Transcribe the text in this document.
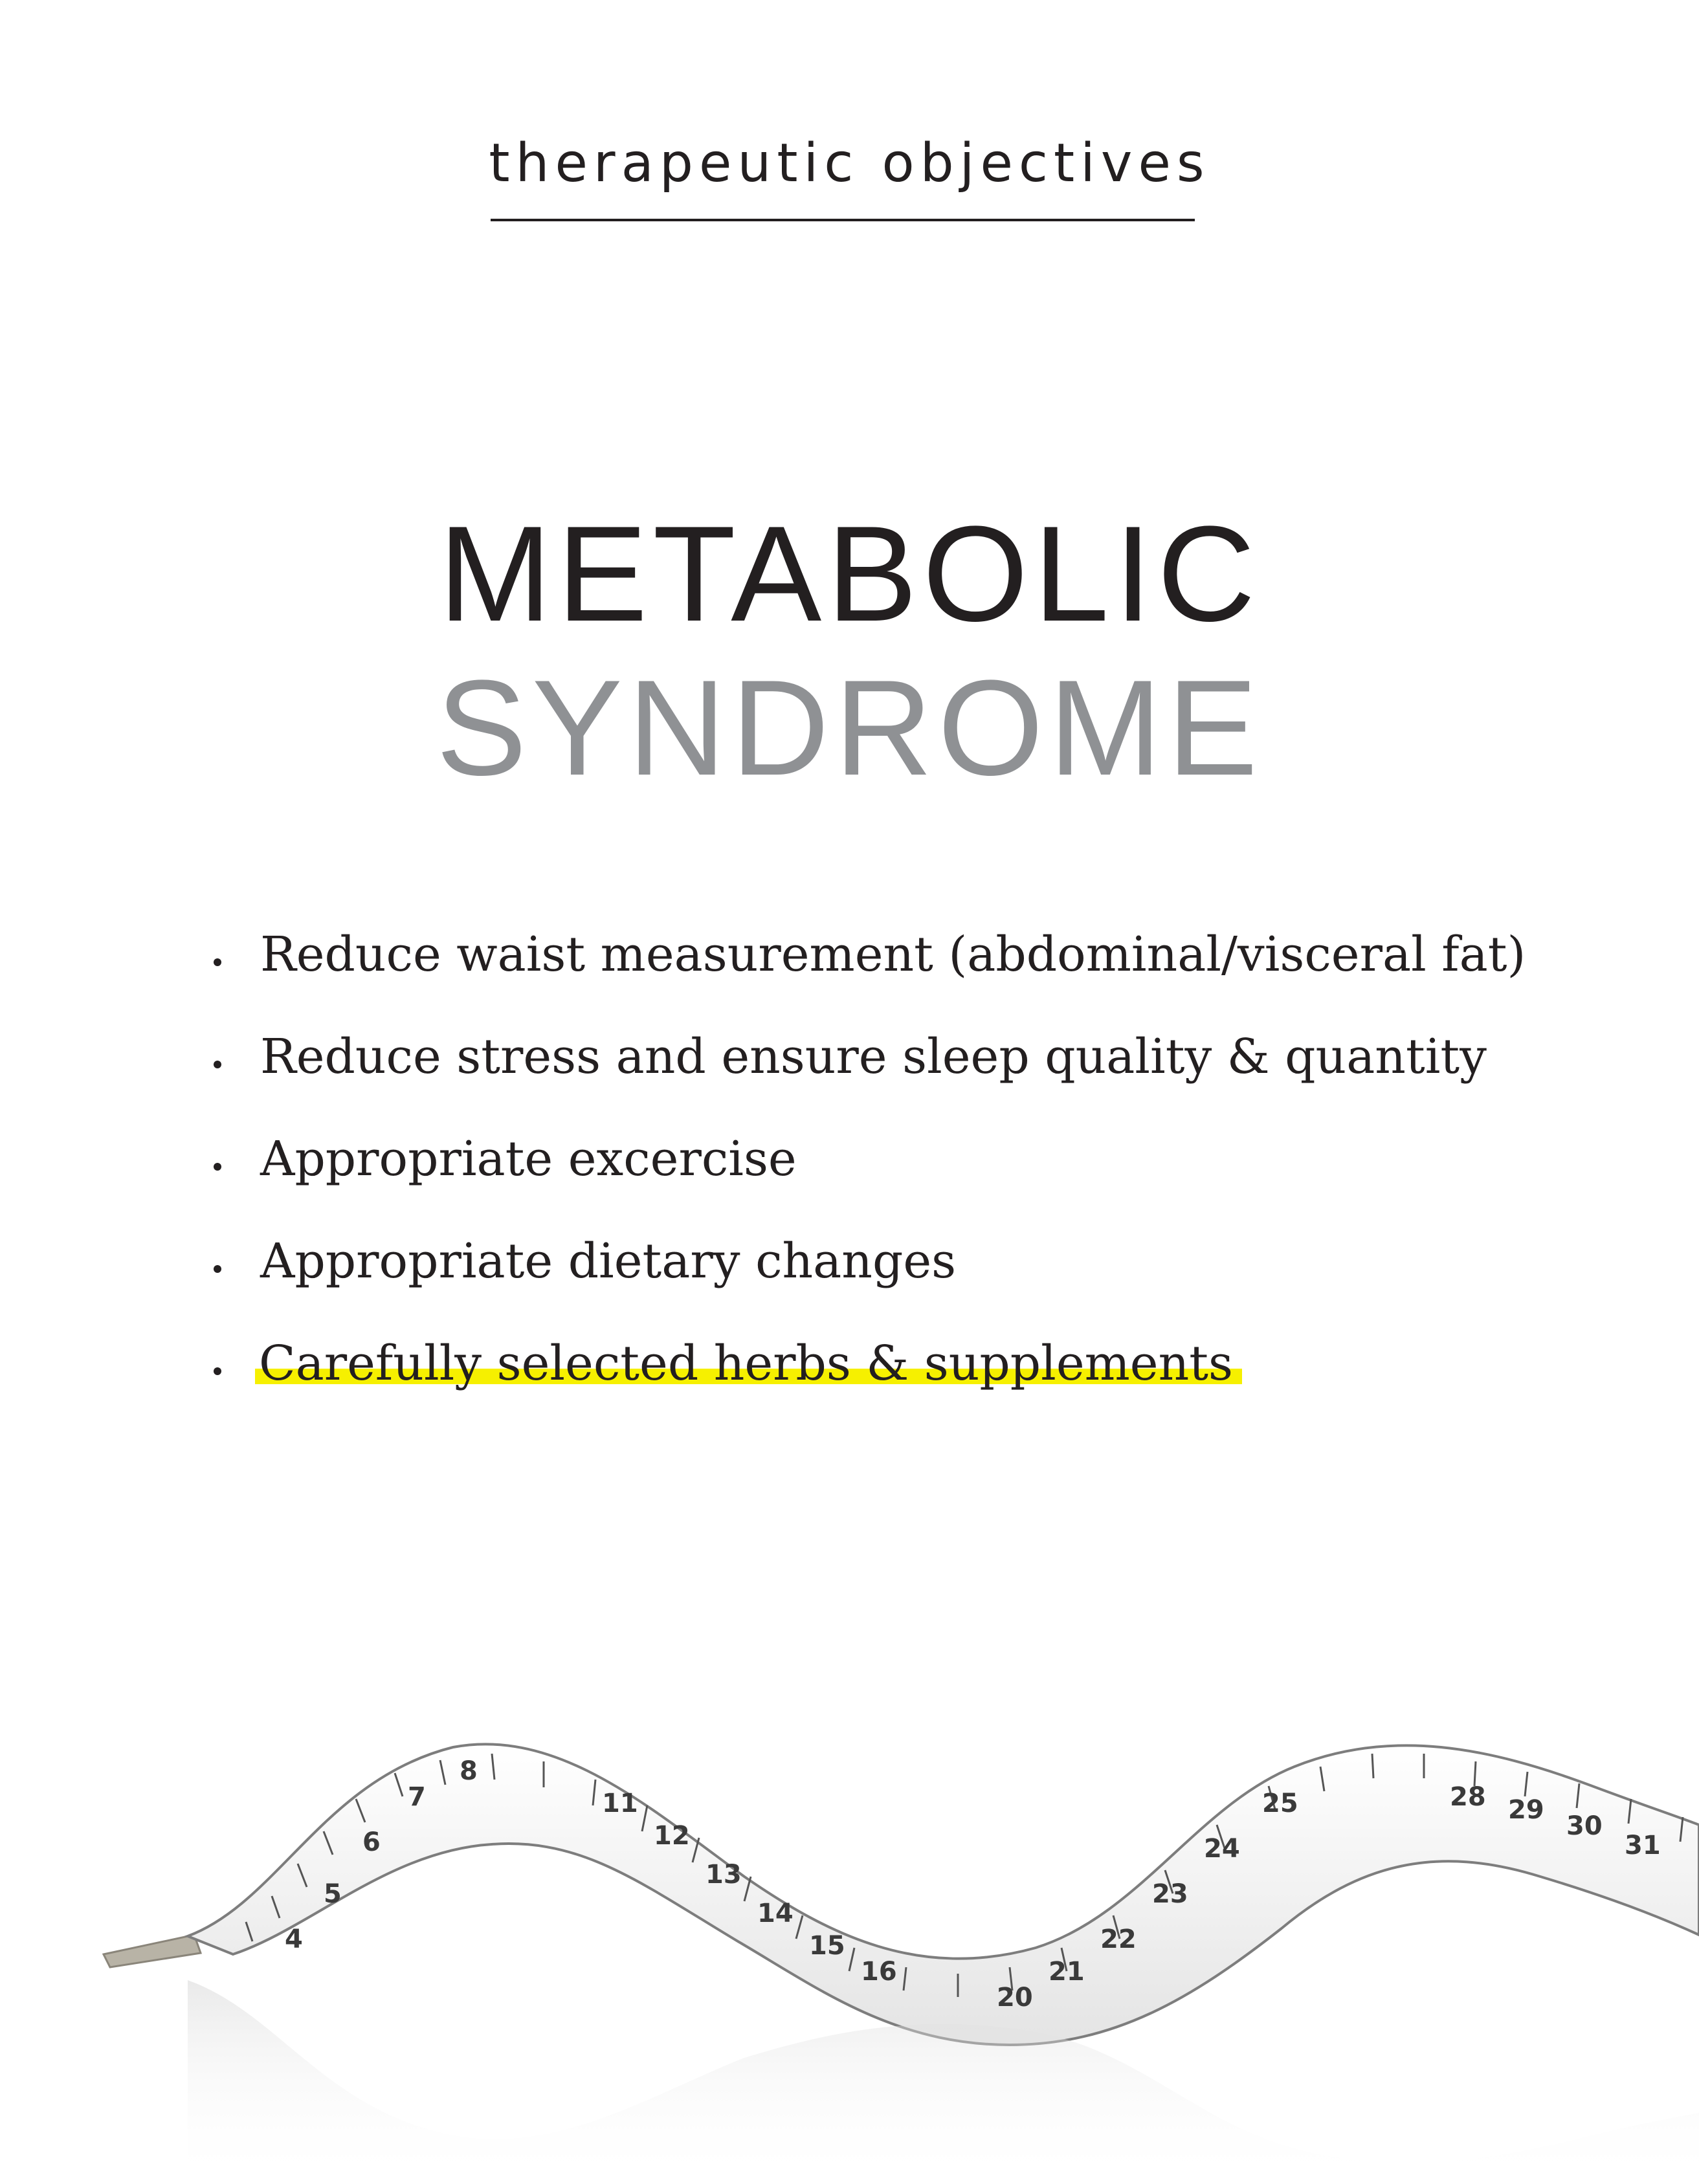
therapeutic objectives
METABOLIC
SYNDROME
Reduce waist measurement (abdominal/visceral fat)
Reduce stress and ensure sleep quality & quantity
Appropriate excercise
Appropriate dietary changes
Carefully selected herbs & supplements
4
5
6
7
8
11
12
13
14
15
16
20
21
22
23
24
25	28 29
30
31
